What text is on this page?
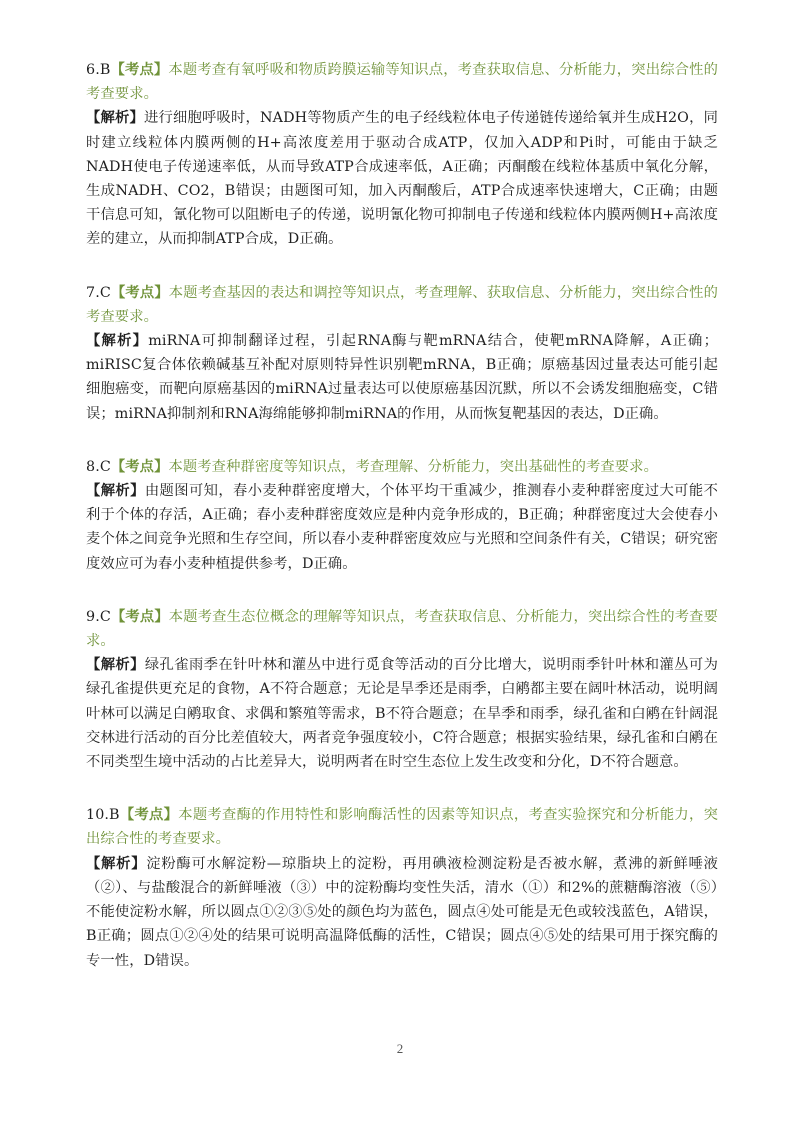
6.B【考点】本题考查有氧呼吸和物质跨膜运输等知识点，考查获取信息、分析能力，突出综合性的考查要求。

【解析】进行细胞呼吸时，NADH等物质产生的电子经线粒体电子传递链传递给氧并生成H2O，同时建立线粒体内膜两侧的H+高浓度差用于驱动合成ATP，仅加入ADP和Pi时，可能由于缺乏NADH使电子传递速率低，从而导致ATP合成速率低，A正确；丙酮酸在线粒体基质中氧化分解，生成NADH、CO2，B错误；由题图可知，加入丙酮酸后，ATP合成速率快速增大，C正确；由题干信息可知，氰化物可以阻断电子的传递，说明氰化物可抑制电子传递和线粒体内膜两侧H+高浓度差的建立，从而抑制ATP合成，D正确。

7.C【考点】本题考查基因的表达和调控等知识点，考查理解、获取信息、分析能力，突出综合性的考查要求。

【解析】miRNA可抑制翻译过程，引起RNA酶与靶mRNA结合，使靶mRNA降解，A正确；miRISC复合体依赖碱基互补配对原则特异性识别靶mRNA，B正确；原癌基因过量表达可能引起细胞癌变，而靶向原癌基因的miRNA过量表达可以使原癌基因沉默，所以不会诱发细胞癌变，C错误；miRNA抑制剂和RNA海绵能够抑制miRNA的作用，从而恢复靶基因的表达，D正确。

8.C【考点】本题考查种群密度等知识点，考查理解、分析能力，突出基础性的考查要求。

【解析】由题图可知，春小麦种群密度增大，个体平均干重减少，推测春小麦种群密度过大可能不利于个体的存活，A正确；春小麦种群密度效应是种内竞争形成的，B正确；种群密度过大会使春小麦个体之间竞争光照和生存空间，所以春小麦种群密度效应与光照和空间条件有关，C错误；研究密度效应可为春小麦种植提供参考，D正确。

9.C【考点】本题考查生态位概念的理解等知识点，考查获取信息、分析能力，突出综合性的考查要求。

【解析】绿孔雀雨季在针叶林和灌丛中进行觅食等活动的百分比增大，说明雨季针叶林和灌丛可为绿孔雀提供更充足的食物，A不符合题意；无论是旱季还是雨季，白鹇都主要在阔叶林活动，说明阔叶林可以满足白鹇取食、求偶和繁殖等需求，B不符合题意；在旱季和雨季，绿孔雀和白鹇在针阔混交林进行活动的百分比差值较大，两者竞争强度较小，C符合题意；根据实验结果，绿孔雀和白鹇在不同类型生境中活动的占比差异大，说明两者在时空生态位上发生改变和分化，D不符合题意。

10.B【考点】本题考查酶的作用特性和影响酶活性的因素等知识点，考查实验探究和分析能力，突出综合性的考查要求。

【解析】淀粉酶可水解淀粉—琼脂块上的淀粉，再用碘液检测淀粉是否被水解，煮沸的新鲜唾液（②）、与盐酸混合的新鲜唾液（③）中的淀粉酶均变性失活，清水（①）和2%的蔗糖酶溶液（⑤）不能使淀粉水解，所以圆点①②③⑤处的颜色均为蓝色，圆点④处可能是无色或较浅蓝色，A错误，B正确；圆点①②④处的结果可说明高温降低酶的活性，C错误；圆点④⑤处的结果可用于探究酶的专一性，D错误。

2
